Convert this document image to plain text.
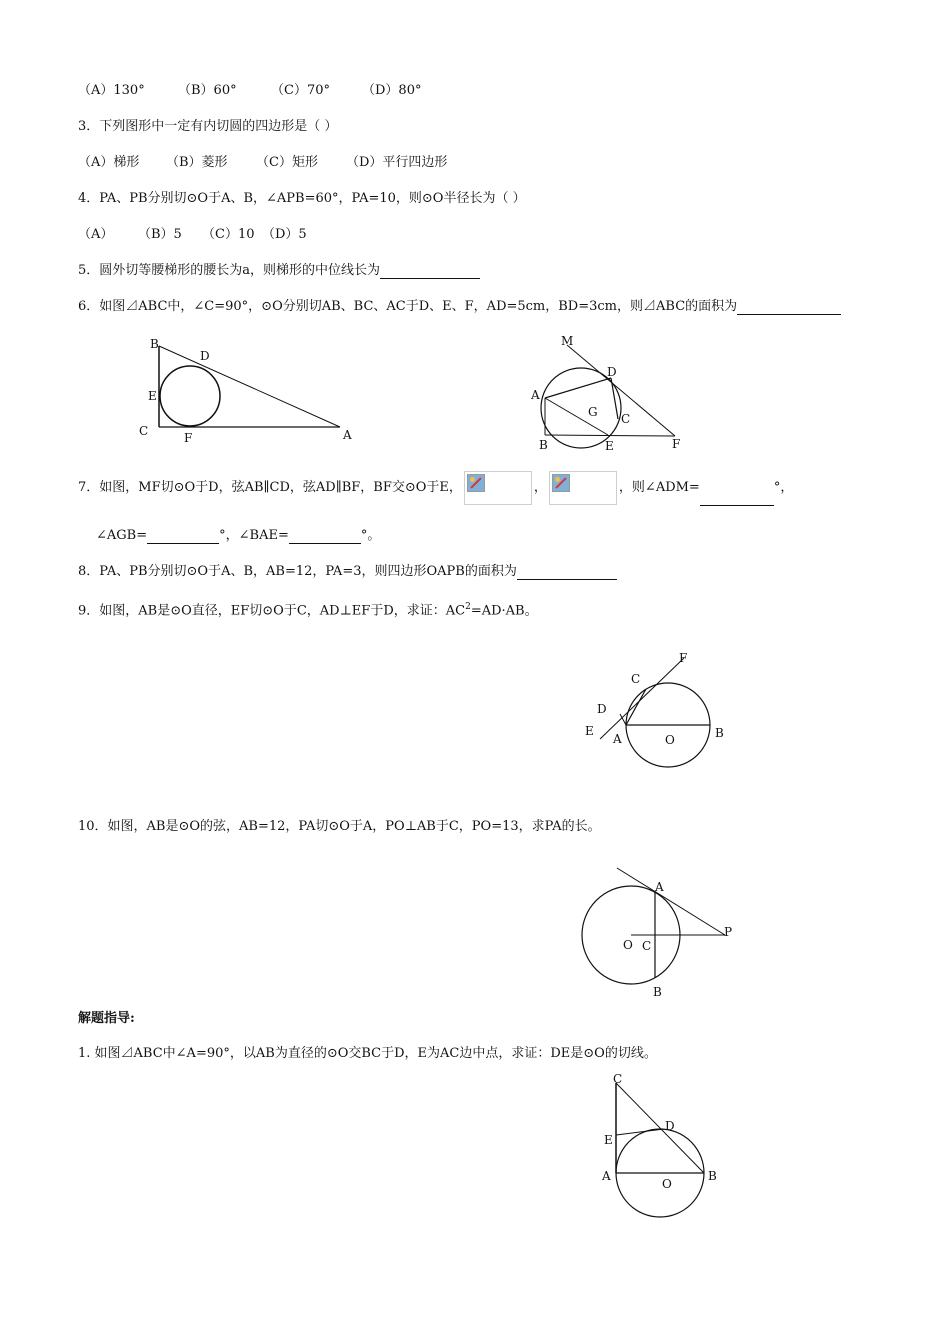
（A）130°	（B）60°	（C）70° （D）80°
3．下列图形中一定有内切圆的四边形是（ ）
（A）梯形 （B）菱形 （C）矩形 （D）平行四边形
4．PA、PB分别切⊙O于A、B，∠APB=60°，PA=10，则⊙O半径长为（ ）
（A） （B）5 （C）10 （D）5
5．圆外切等腰梯形的腰长为a，则梯形的中位线长为
6．如图⊿ABC中，∠C=90°，⊙O分别切AB、BC、AC于D、E、F，AD=5cm，BD=3cm，则⊿ABC的面积为
B
D
E
C	F	A
M
D
A
G C
B	E	F
7．如图，MF切⊙O于D，弦AB∥CD，弦AD∥BF，BF交⊙O于E，	，	，则∠ADM=	°，
∠AGB=	°，∠BAE=	°。
8．PA、PB分别切⊙O于A、B，AB=12，PA=3，则四边形OAPB的面积为
9．如图，AB是⊙O直径，EF切⊙O于C，AD⊥EF于D，求证：$AC^2=AD\cdot AB$。
F
C
D
E
A	O	B
10．如图，AB是⊙O的弦，AB=12，PA切⊙O于A，PO⊥AB于C，PO=13，求PA的长。
A
O C
P
B
解题指导:
1. 如图⊿ABC中∠A=90°，以AB为直径的⊙O交BC于D，E为AC边中点，求证：DE是⊙O的切线。
C
D
E
A
O
B
